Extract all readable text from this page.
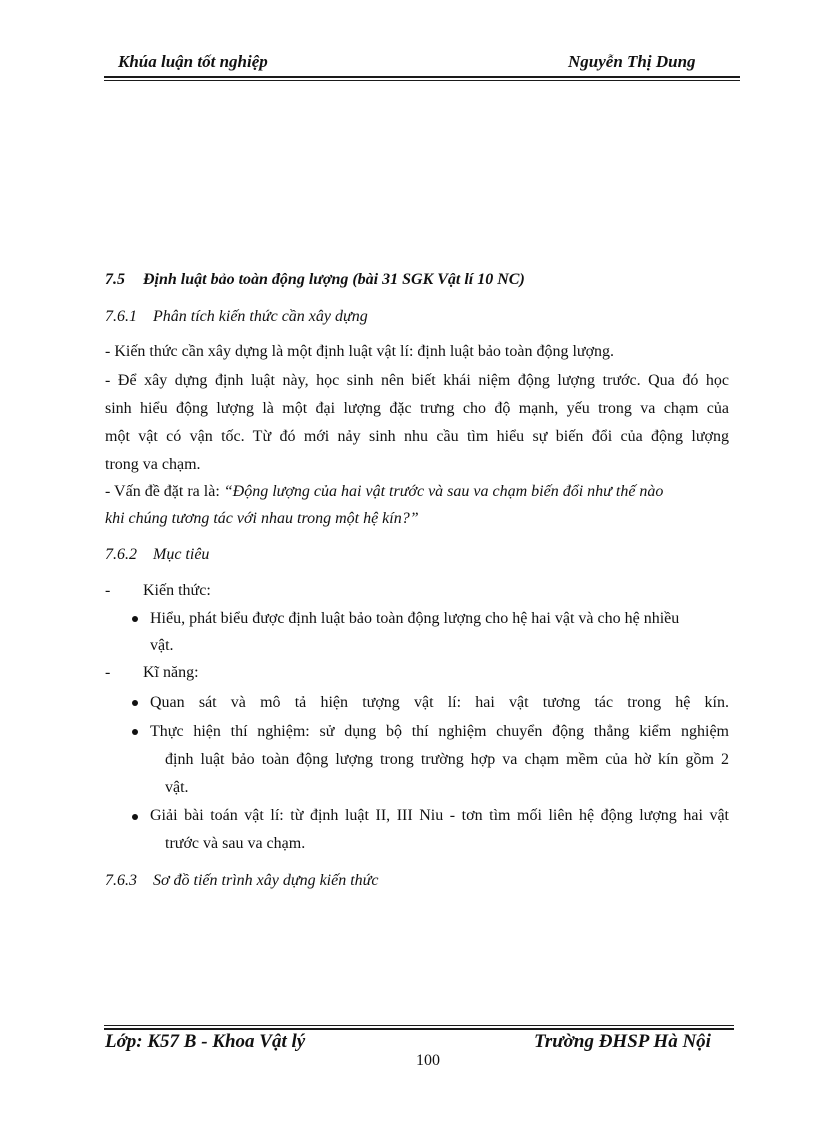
Khúa luận tốt nghiệp	Nguyễn Thị Dung
7.5 Định luật bảo toàn động lượng (bài 31 SGK Vật lí 10 NC)
7.6.1 Phân tích kiến thức cần xây dựng
- Kiến thức cần xây dựng là một định luật vật lí: định luật bảo toàn động lượng.
- Để xây dựng định luật này, học sinh nên biết khái niệm động lượng trước. Qua đó học
sinh hiểu động lượng là một đại lượng đặc trưng cho độ mạnh, yếu trong va chạm của
một vật có vận tốc. Từ đó mới nảy sinh nhu cầu tìm hiểu sự biến đổi của động lượng
trong va chạm.
- Vấn đề đặt ra là: “Động lượng của hai vật trước và sau va chạm biến đổi như thế nào
khi chúng tương tác với nhau trong một hệ kín?”
7.6.2 Mục tiêu
- Kiến thức:
Hiểu, phát biểu được định luật bảo toàn động lượng cho hệ hai vật và cho hệ nhiều
vật.
- Kĩ năng:
Quan sát và mô tả hiện tượng vật lí: hai vật tương tác trong hệ kín.
Thực hiện thí nghiệm: sử dụng bộ thí nghiệm chuyển động thẳng kiểm nghiệm
định luật bảo toàn động lượng trong trường hợp va chạm mềm của hờ kín gồm 2
vật.
Giải bài toán vật lí: từ định luật II, III Niu - tơn tìm mối liên hệ động lượng hai vật
trước và sau va chạm.
7.6.3 Sơ đồ tiến trình xây dựng kiến thức
Lớp: K57 B - Khoa Vật lý	Trường ĐHSP Hà Nội
100
